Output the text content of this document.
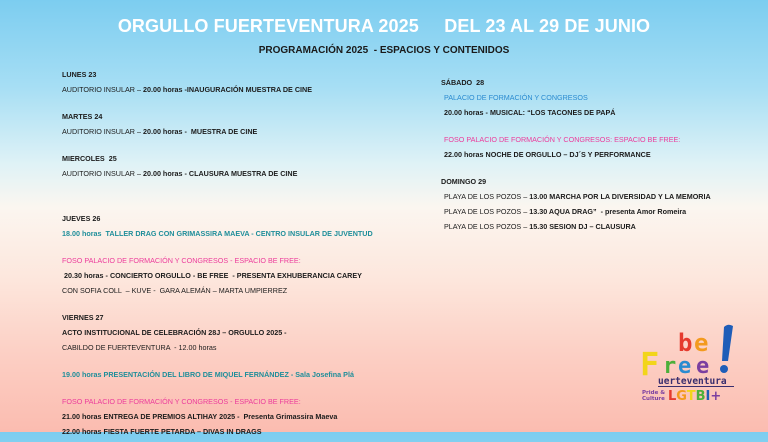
ORGULLO FUERTEVENTURA 2025     DEL 23 AL 29 DE JUNIO
PROGRAMACIÓN 2025  - ESPACIOS Y CONTENIDOS
LUNES 23
AUDITORIO INSULAR – 20.00 horas -INAUGURACIÓN MUESTRA DE CINE
MARTES 24
AUDITORIO INSULAR – 20.00 horas -  MUESTRA DE CINE
MIERCOLES  25
AUDITORIO INSULAR – 20.00 horas - CLAUSURA MUESTRA DE CINE
JUEVES 26
18.00 horas  TALLER DRAG CON GRIMASSIRA MAEVA - CENTRO INSULAR DE JUVENTUD
FOSO PALACIO DE FORMACIÓN Y CONGRESOS - ESPACIO BE FREE:
20.30 horas - CONCIERTO ORGULLO - BE FREE  - PRESENTA EXHUBERANCIA CAREY
CON SOFIA COLL  – KUVE -  GARA ALEMÁN – MARTA UMPIERREZ
VIERNES 27
ACTO INSTITUCIONAL DE CELEBRACIÓN 28J – ORGULLO 2025 -
CABILDO DE FUERTEVENTURA  - 12.00 horas
19.00 horas PRESENTACIÓN DEL LIBRO DE MIQUEL FERNÁNDEZ - Sala Josefina Plá
FOSO PALACIO DE FORMACIÓN Y CONGRESOS - ESPACIO BE FREE:
21.00 horas ENTREGA DE PREMIOS ALTIHAY 2025 -  Presenta Grimassira Maeva
22.00 horas FIESTA FUERTE PETARDA – DIVAS IN DRAGS
SÁBADO  28
PALACIO DE FORMACIÓN Y CONGRESOS
20.00 horas - MUSICAL: “LOS TACONES DE PAPÁ
FOSO PALACIO DE FORMACIÓN Y CONGRESOS: ESPACIO BE FREE:
22.00 horas NOCHE DE ORGULLO – DJ´S Y PERFORMANCE
DOMINGO 29
PLAYA DE LOS POZOS – 13.00 MARCHA POR LA DIVERSIDAD Y LA MEMORIA
PLAYA DE LOS POZOS – 13.30 AQUA DRAG”  - presenta Amor Romeira
PLAYA DE LOS POZOS – 15.30 SESION DJ – CLAUSURA
b e
F r e e
uerteventura
Pride &
Culture LGTBI+
